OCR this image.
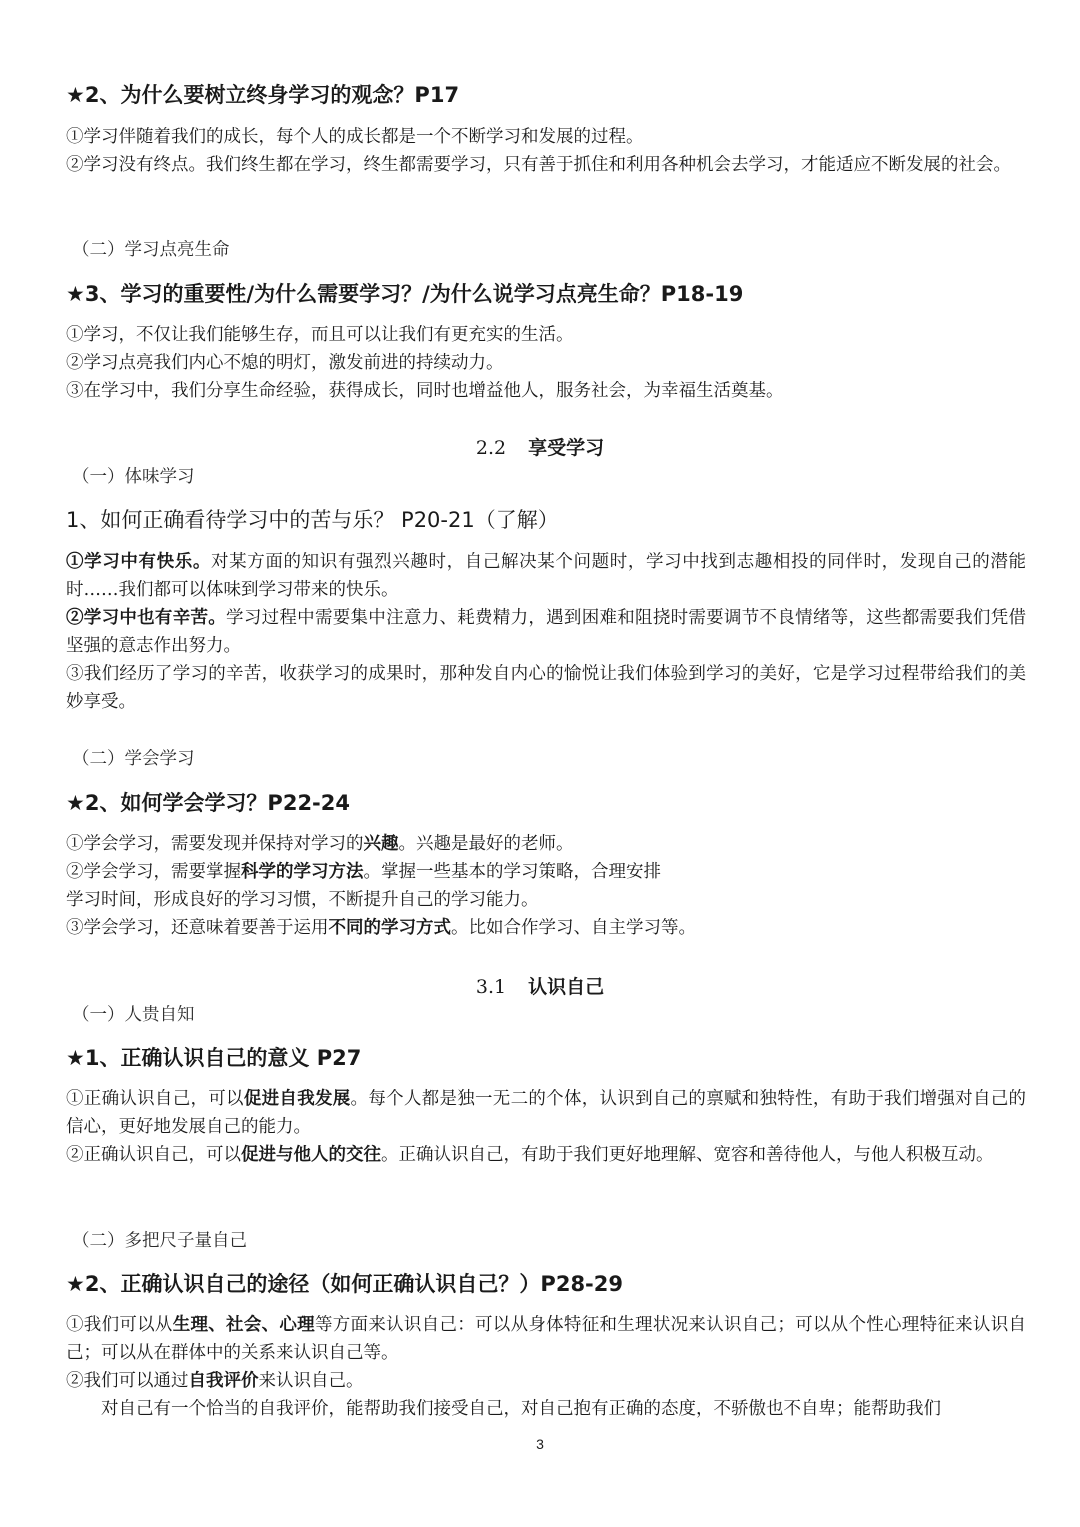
★2、为什么要树立终身学习的观念？P17

①学习伴随着我们的成长，每个人的成长都是一个不断学习和发展的过程。

②学习没有终点。我们终生都在学习，终生都需要学习，只有善于抓住和利用各种机会去学习，才能适应不断发展的社会。

（二）学习点亮生命
★3、学习的重要性/为什么需要学习？/为什么说学习点亮生命？P18-19

①学习，不仅让我们能够生存，而且可以让我们有更充实的生活。

②学习点亮我们内心不熄的明灯，激发前进的持续动力。

③在学习中，我们分享生命经验，获得成长，同时也增益他人，服务社会，为幸福生活奠基。

2.2 享受学习
（一）体味学习
1、如何正确看待学习中的苦与乐？ P20-21（了解）

①学习中有快乐。对某方面的知识有强烈兴趣时，自己解决某个问题时，学习中找到志趣相投的同伴时，发现自己的潜能时……我们都可以体味到学习带来的快乐。

②学习中也有辛苦。学习过程中需要集中注意力、耗费精力，遇到困难和阻挠时需要调节不良情绪等，这些都需要我们凭借坚强的意志作出努力。

③我们经历了学习的辛苦，收获学习的成果时，那种发自内心的愉悦让我们体验到学习的美好，它是学习过程带给我们的美妙享受。

（二）学会学习
★2、如何学会学习？P22-24

①学会学习，需要发现并保持对学习的兴趣。兴趣是最好的老师。

②学会学习，需要掌握科学的学习方法。掌握一些基本的学习策略，合理安排

学习时间，形成良好的学习习惯，不断提升自己的学习能力。

③学会学习，还意味着要善于运用不同的学习方式。比如合作学习、自主学习等。

3.1 认识自己
（一）人贵自知
★1、正确认识自己的意义 P27

①正确认识自己，可以促进自我发展。每个人都是独一无二的个体，认识到自己的禀赋和独特性，有助于我们增强对自己的信心，更好地发展自己的能力。

②正确认识自己，可以促进与他人的交往。正确认识自己，有助于我们更好地理解、宽容和善待他人，与他人积极互动。

（二）多把尺子量自己
★2、正确认识自己的途径（如何正确认识自己？）P28-29

①我们可以从生理、社会、心理等方面来认识自己：可以从身体特征和生理状况来认识自己；可以从个性心理特征来认识自己；可以从在群体中的关系来认识自己等。

②我们可以通过自我评价来认识自己。

对自己有一个恰当的自我评价，能帮助我们接受自己，对自己抱有正确的态度，不骄傲也不自卑；能帮助我们

3
